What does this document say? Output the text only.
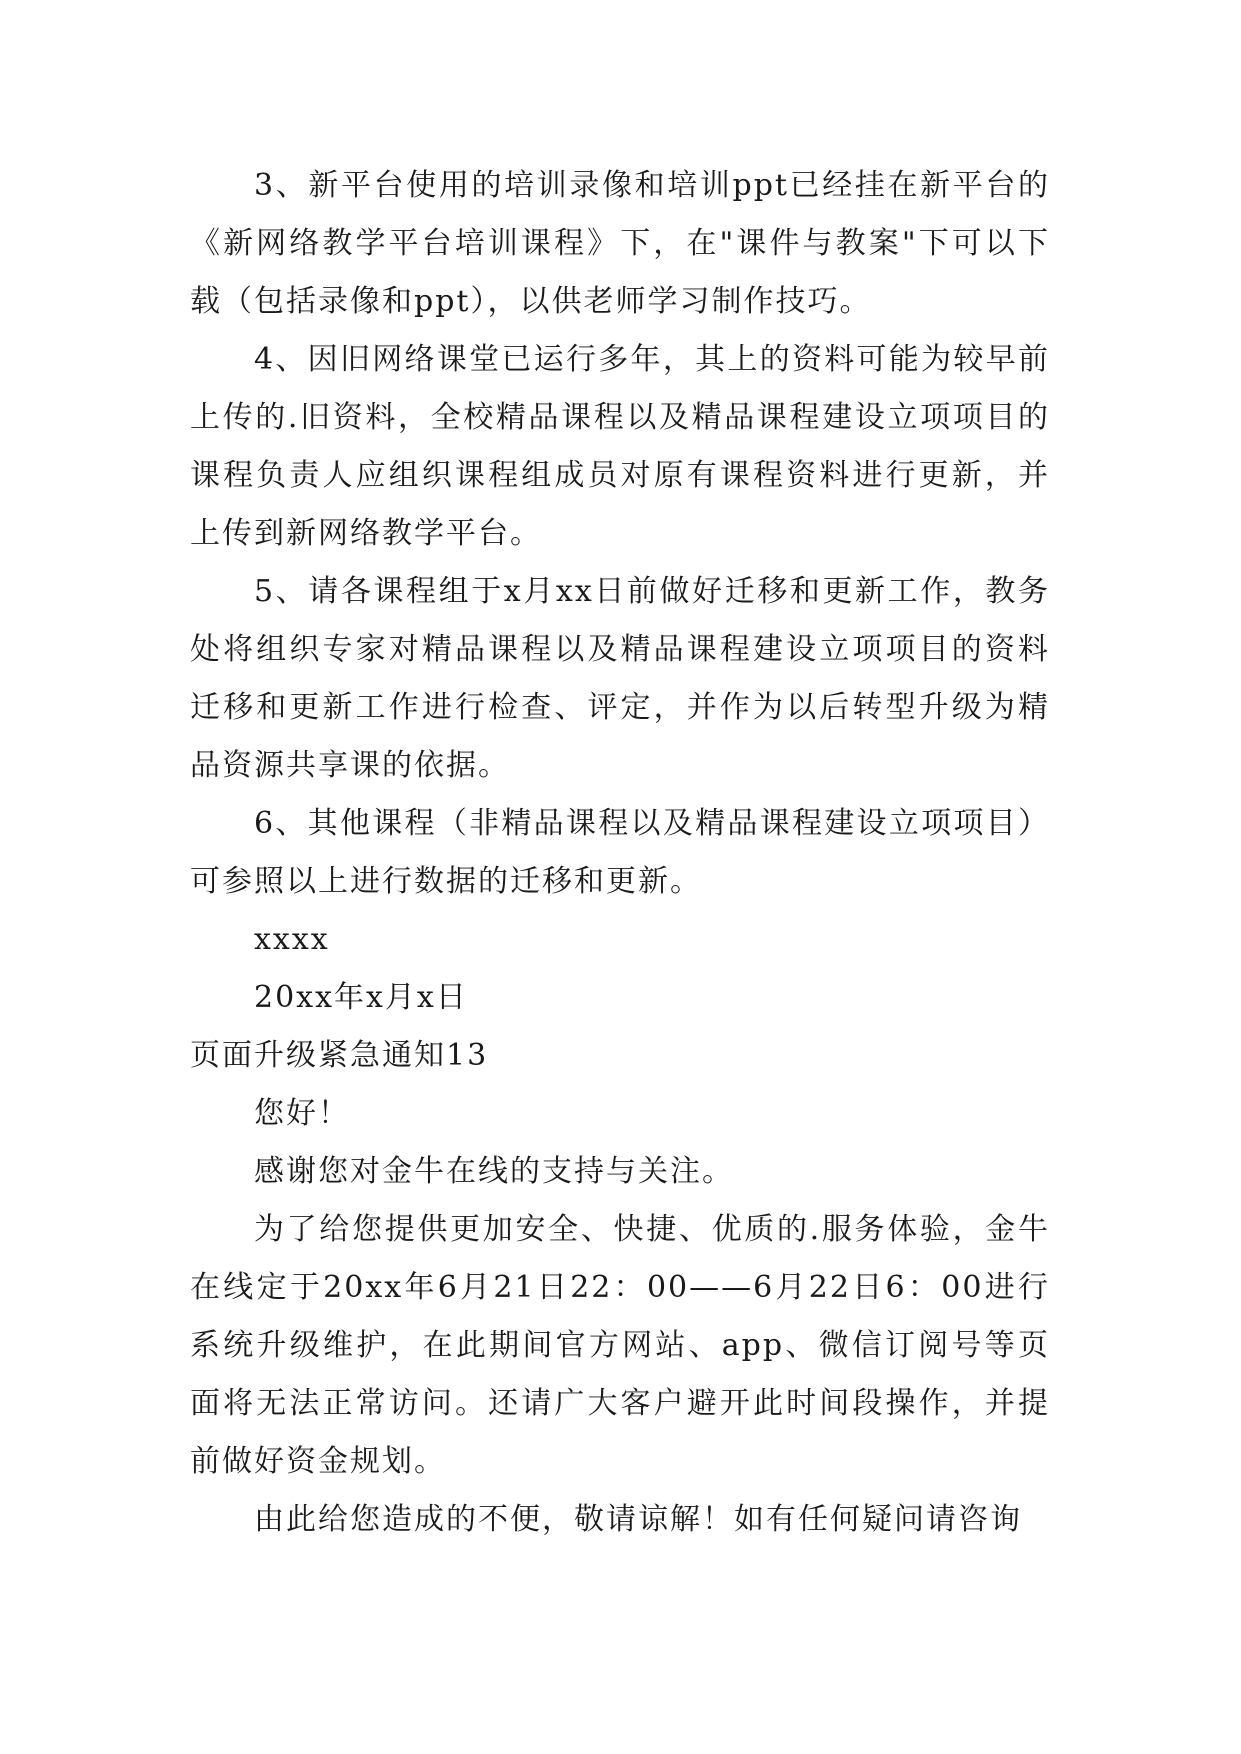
3、新平台使用的培训录像和培训ppt已经挂在新平台的《新网络教学平台培训课程》下，在"课件与教案"下可以下载（包括录像和ppt），以供老师学习制作技巧。

4、因旧网络课堂已运行多年，其上的资料可能为较早前上传的.旧资料，全校精品课程以及精品课程建设立项项目的课程负责人应组织课程组成员对原有课程资料进行更新，并上传到新网络教学平台。

5、请各课程组于x月xx日前做好迁移和更新工作，教务处将组织专家对精品课程以及精品课程建设立项项目的资料迁移和更新工作进行检查、评定，并作为以后转型升级为精品资源共享课的依据。

6、其他课程（非精品课程以及精品课程建设立项项目）可参照以上进行数据的迁移和更新。

xxxx

20xx年x月x日

页面升级紧急通知13

您好！

感谢您对金牛在线的支持与关注。

为了给您提供更加安全、快捷、优质的.服务体验，金牛在线定于20xx年6月21日22：00——6月22日6：00进行系统升级维护，在此期间官方网站、app、微信订阅号等页面将无法正常访问。还请广大客户避开此时间段操作，并提前做好资金规划。

由此给您造成的不便，敬请谅解！如有任何疑问请咨询
